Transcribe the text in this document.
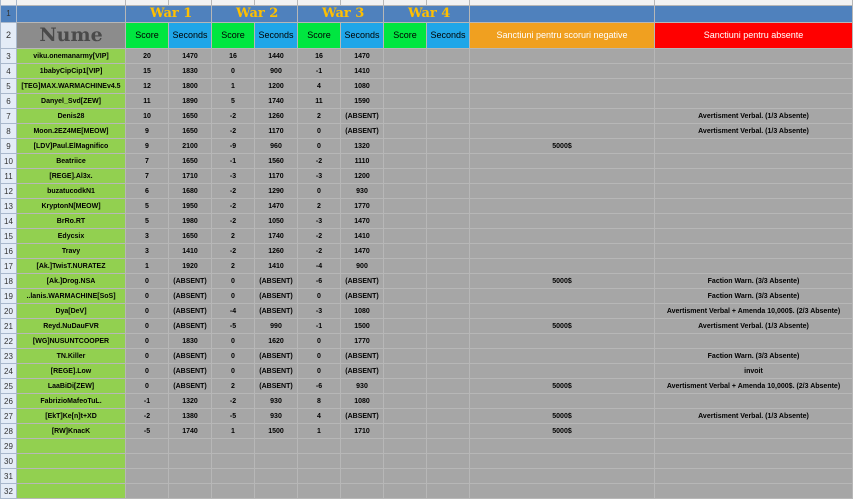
1		War 1		War 2		War 3		War 4			
2	Nume	Score	Seconds	Score	Seconds	Score	Seconds	Score	Seconds	Sanctiuni pentru scoruri negative	Sanctiuni pentru absente
3	viku.onemanarmy[VIP]	20	1470	16	1440	16	1470				
4	1babyCipCip1[VIP]	15	1830	0	900	-1	1410				
5	[TEG]MAX.WARMACHINEv4.5	12	1800	1	1200	4	1080				
6	Danyel_Svd[ZEW]	11	1890	5	1740	11	1590				
7	Denis28	10	1650	-2	1260	2	(ABSENT)				Avertisment Verbal. (1/3 Absente)
8	Moon.2EZ4ME[MEOW]	9	1650	-2	1170	0	(ABSENT)				Avertisment Verbal. (1/3 Absente)
9	[LDV]Paul.ElMagnifico	9	2100	-9	960	0	1320			5000$	
10	Beatriice	7	1650	-1	1560	-2	1110				
11	[REGE].Al3x.	7	1710	-3	1170	-3	1200				
12	buzatucodkN1	6	1680	-2	1290	0	930				
13	KryptonN[MEOW]	5	1950	-2	1470	2	1770				
14	BrRo.RT	5	1980	-2	1050	-3	1470				
15	Edycsix	3	1650	2	1740	-2	1410				
16	Travy	3	1410	-2	1260	-2	1470				
17	[Ak.]TwisT.NURATEZ	1	1920	2	1410	-4	900				
18	[Ak.]Drog.NSA	0	(ABSENT)	0	(ABSENT)	-6	(ABSENT)			5000$	Faction Warn. (3/3 Absente)
19	..lanis.WARMACHINE[SoS]	0	(ABSENT)	0	(ABSENT)	0	(ABSENT)				Faction Warn. (3/3 Absente)
20	Dya[DeV]	0	(ABSENT)	-4	(ABSENT)	-3	1080				Avertisment Verbal + Amenda 10,000$. (2/3 Absente)
21	Reyd.NuDauFVR	0	(ABSENT)	-5	990	-1	1500			5000$	Avertisment Verbal. (1/3 Absente)
22	[WG]NUSUNTCOOPER	0	1830	0	1620	0	1770				
23	TN.Killer	0	(ABSENT)	0	(ABSENT)	0	(ABSENT)				Faction Warn. (3/3 Absente)
24	[REGE].Low	0	(ABSENT)	0	(ABSENT)	0	(ABSENT)				invoit
25	LaaBiDi[ZEW]	0	(ABSENT)	2	(ABSENT)	-6	930			5000$	Avertisment Verbal + Amenda 10,000$. (2/3 Absente)
26	FabrizioMafeoTuL.	-1	1320	-2	930	8	1080				
27	[EkT]Ke[n]t+XD	-2	1380	-5	930	4	(ABSENT)			5000$	Avertisment Verbal. (1/3 Absente)
28	[RW]KnacK	-5	1740	1	1500	1	1710			5000$	
29											
30											
31											
32											
